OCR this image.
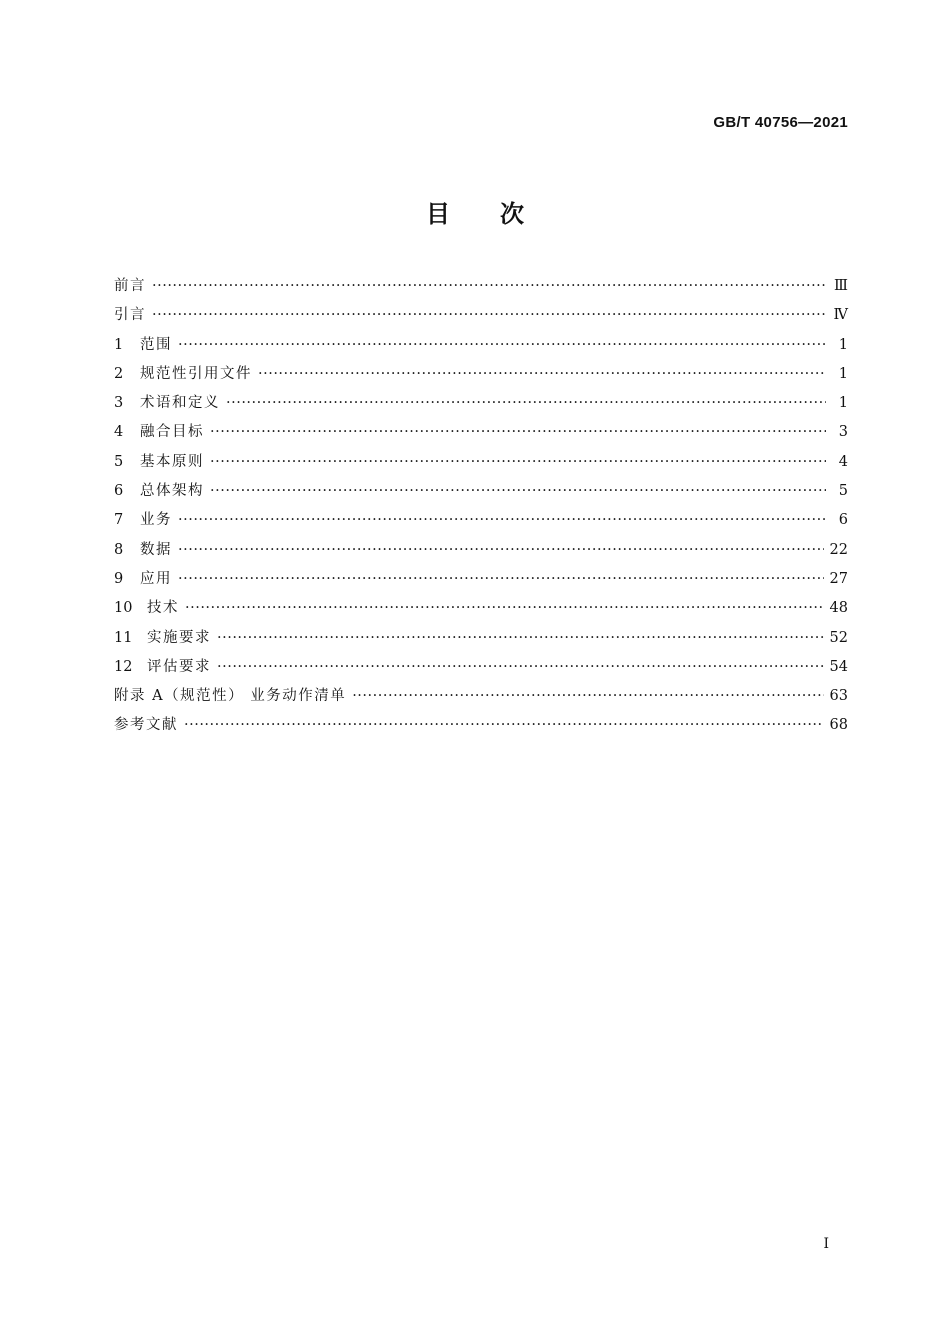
GB/T 40756—2021
目 次
前言 ·····	Ⅲ
引言 ·····	Ⅳ
1	范围 ·····	1
2	规范性引用文件 ·····	1
3	术语和定义 ·····	1
4	融合目标 ·····	3
5	基本原则 ·····	4
6	总体架构 ·····	5
7	业务 ·····	6
8	数据 ·····	22
9	应用 ·····	27
10	技术 ·····	48
11	实施要求 ·····	52
12	评估要求 ·····	54
附录 A（规范性） 业务动作清单 ·····	63
参考文献 ·····	68
I
